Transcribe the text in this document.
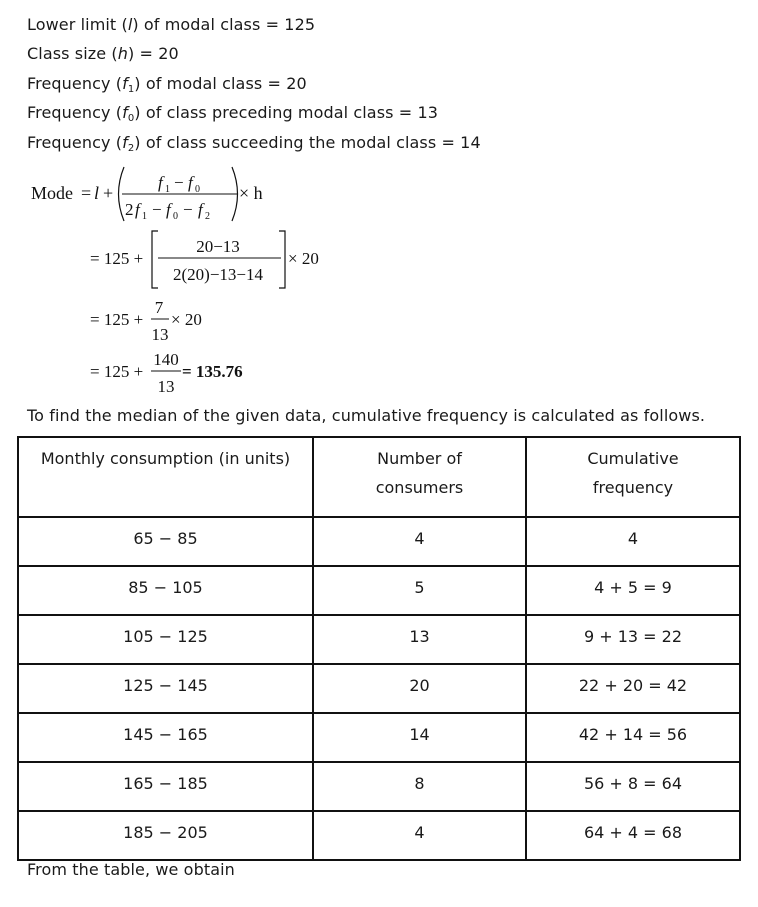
Lower limit (l) of modal class = 125
Class size (h) = 20
Frequency $(f_1)$ of modal class = 20
Frequency $(f_0)$ of class preceding modal class = 13
Frequency $(f_2)$ of class succeeding the modal class = 14
Mode = l +
f 1 − f 0
2 f 1 − f 0 − f 2
× h
= 125 +
20−13
2(20)−13−14
× 20
= 125 +
7
13
× 20
= 125 +
140
13
= 135.76
To find the median of the given data, cumulative frequency is calculated as follows.
Monthly consumption (in units)	Number of consumers	Cumulative frequency
65 − 85	4	4
85 − 105	5	4 + 5 = 9
105 − 125	13	9 + 13 = 22
125 − 145	20	22 + 20 = 42
145 − 165	14	42 + 14 = 56
165 − 185	8	56 + 8 = 64
185 − 205	4	64 + 4 = 68
From the table, we obtain
